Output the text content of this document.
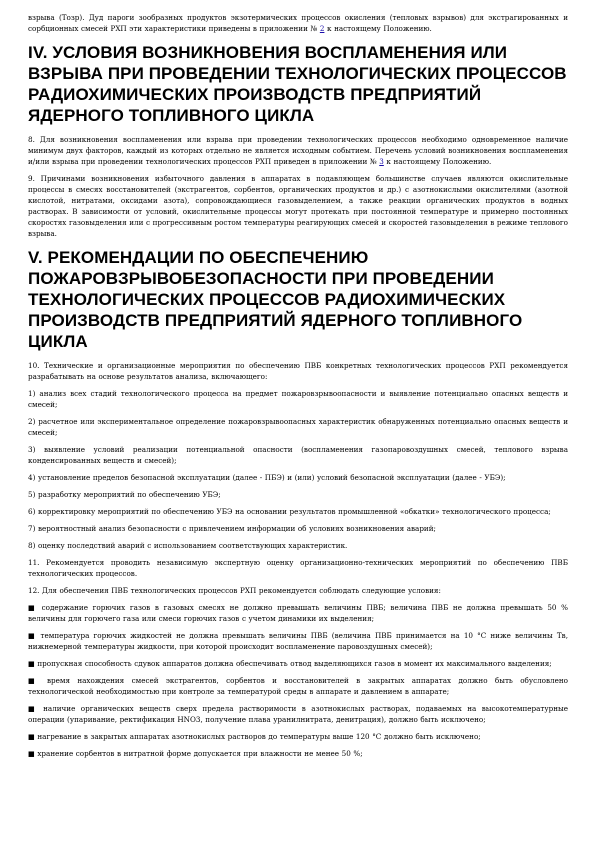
взрыва (Тозр). Дуд пароги зообразных продуктов экзотермических процессов окисления (тепловых взрывов) для экстрагированных и сорбционных смесей РХП эти характеристики приведены в приложении № 2 к настоящему Положению.

IV. УСЛОВИЯ ВОЗНИКНОВЕНИЯ ВОСПЛАМЕНЕНИЯ ИЛИ ВЗРЫВА ПРИ ПРОВЕДЕНИИ ТЕХНОЛОГИЧЕСКИХ ПРОЦЕССОВ РАДИОХИМИЧЕСКИХ ПРОИЗВОДСТВ ПРЕДПРИЯТИЙ ЯДЕРНОГО ТОПЛИВНОГО ЦИКЛА

8. Для возникновения воспламенения или взрыва при проведении технологических процессов необходимо одновременное наличие минимум двух факторов, каждый из которых отдельно не является исходным событием. Перечень условий возникновения воспламенения и/или взрыва при проведении технологических процессов РХП приведен в приложении № 3 к настоящему Положению.

9. Причинами возникновения избыточного давления в аппаратах в подавляющем большинстве случаев являются окислительные процессы в смесях восстановителей (экстрагентов, сорбентов, органических продуктов и др.) с азотнокислыми окислителями (азотной кислотой, нитратами, оксидами азота), сопровождающиеся газовыделением, а также реакции органических продуктов в водных растворах. В зависимости от условий, окислительные процессы могут протекать при постоянной температуре и примерно постоянных скоростях газовыделения или с прогрессивным ростом температуры реагирующих смесей и скоростей газовыделения в режиме теплового взрыва.

V. РЕКОМЕНДАЦИИ ПО ОБЕСПЕЧЕНИЮ ПОЖАРОВЗРЫВОБЕЗОПАСНОСТИ ПРИ ПРОВЕДЕНИИ ТЕХНОЛОГИЧЕСКИХ ПРОЦЕССОВ РАДИОХИМИЧЕСКИХ ПРОИЗВОДСТВ ПРЕДПРИЯТИЙ ЯДЕРНОГО ТОПЛИВНОГО ЦИКЛА

10. Технические и организационные мероприятия по обеспечению ПВБ конкретных технологических процессов РХП рекомендуется разрабатывать на основе результатов анализа, включающего:

1) анализ всех стадий технологического процесса на предмет пожаровзрывоопасности и выявление потенциально опасных веществ и смесей;

2) расчетное или экспериментальное определение пожаровзрывоопасных характеристик обнаруженных потенциально опасных веществ и смесей;

3) выявление условий реализации потенциальной опасности (воспламенения газопаровоздушных смесей, теплового взрыва конденсированных веществ и смесей);

4) установление пределов безопасной эксплуатации (далее - ПБЭ) и (или) условий безопасной эксплуатации (далее - УБЭ);

5) разработку мероприятий по обеспечению УБЭ;

6) корректировку мероприятий по обеспечению УБЭ на основании результатов промышленной «обкатки» технологического процесса;

7) вероятностный анализ безопасности с привлечением информации об условиях возникновения аварий;

8) оценку последствий аварий с использованием соответствующих характеристик.

11. Рекомендуется проводить независимую экспертную оценку организационно-технических мероприятий по обеспечению ПВБ технологических процессов.

12. Для обеспечения ПВБ технологических процессов РХП рекомендуется соблюдать следующие условия:

■ содержание горючих газов в газовых смесях не должно превышать величины ПВБ; величина ПВБ не должна превышать 50 % величины для горючего газа или смеси горючих газов с учетом динамики их выделения;

■ температура горючих жидкостей не должна превышать величины ПВБ (величина ПВБ принимается на 10 °С ниже величины Тв, нижнемерной температуры жидкости, при которой происходит воспламенение паровоздушных смесей);

■ пропускная способность сдувок аппаратов должна обеспечивать отвод выделяющихся газов в момент их максимального выделения;

■ время нахождения смесей экстрагентов, сорбентов и восстановителей в закрытых аппаратах должно быть обусловлено технологической необходимостью при контроле за температурой среды в аппарате и давлением в аппарате;

■ наличие органических веществ сверх предела растворимости в азотнокислых растворах, подаваемых на высокотемпературные операции (упаривание, ректификация HNO3, получение плава уранилнитрата, денитрация), должно быть исключено;

■ нагревание в закрытых аппаратах азотнокислых растворов до температуры выше 120 °С должно быть исключено;

■ хранение сорбентов в нитратной форме допускается при влажности не менее 50 %;
